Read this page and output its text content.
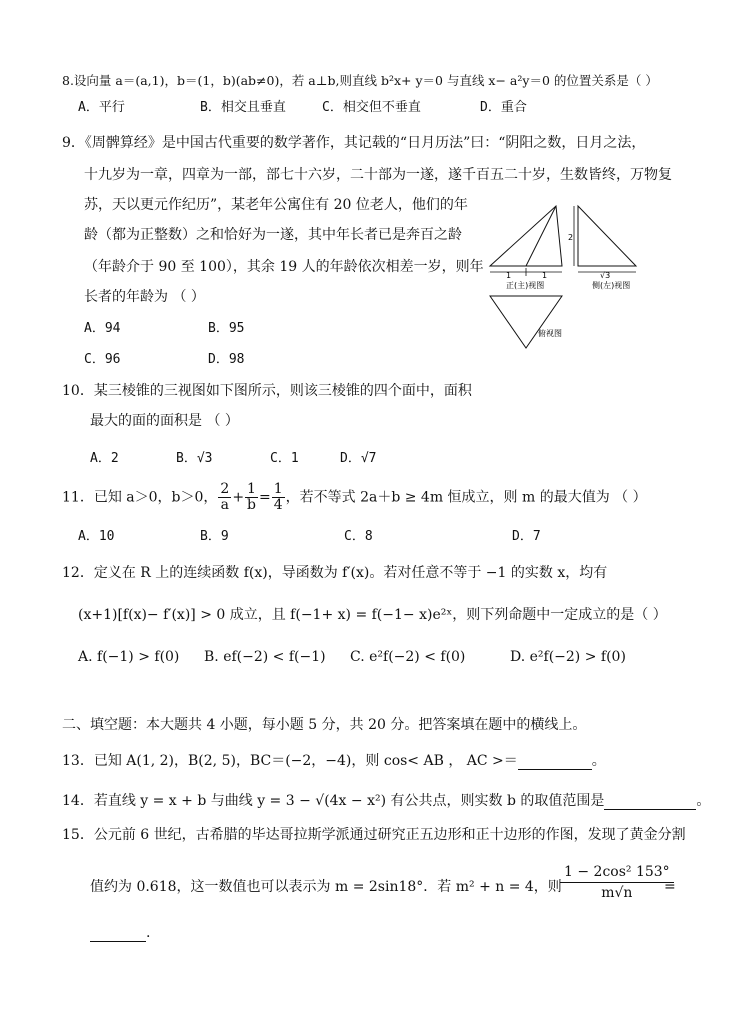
8.设向量 a＝(a,1)，b＝(1，b)(ab≠0)，若 a⊥b,则直线 b²x+ y＝0 与直线 x− a²y＝0 的位置关系是（ ）
A．平行	B．相交且垂直	C．相交但不垂直	D．重合
9．《周髀算经》是中国古代重要的数学著作，其记载的“日月历法”曰：“阴阳之数，日月之法，
十九岁为一章，四章为一部，部七十六岁，二十部为一遂，遂千百五二十岁，生数皆终，万物复
苏，天以更元作纪历”，某老年公寓住有 20 位老人，他们的年
龄（都为正整数）之和恰好为一遂，其中年长者已是奔百之龄
（年龄介于 90 至 100），其余 19 人的年龄依次相差一岁，则年
长者的年龄为 （ ）
A．94	B．95
C．96	D．98
1	1
正(主)视图
2
√3
侧(左)视图
俯视图
10．某三棱锥的三视图如下图所示，则该三棱锥的四个面中，面积
最大的面的面积是 （ ）
A．2	B．√3	C．1	D．√7
11．已知 a＞0，b＞0， $\frac{2}{a} + \frac{1}{b} = \frac{1}{4}$ ，若不等式 2a＋b ≥ 4m 恒成立，则 m 的最大值为 （ ）
A．10	B．9	C．8	D．7
12．定义在 R 上的连续函数 f(x)，导函数为 f′(x)。若对任意不等于 −1 的实数 x，均有
(x+1)[f(x)− f′(x)] > 0 成立，且 f(−1+ x) = f(−1− x)e²ˣ，则下列命题中一定成立的是（ ）
A. f(−1) > f(0) B. ef(−2) < f(−1) C. e²f(−2) < f(0)	D. e²f(−2) > f(0)
二、填空题：本大题共 4 小题，每小题 5 分，共 20 分。把答案填在题中的横线上。
13．已知 A(1, 2)，B(2, 5)，BC＝(−2，−4)，则 cos< AB ， AC >＝	。
14．若直线 y = x + b 与曲线 y = 3 − √(4x − x²) 有公共点，则实数 b 的取值范围是	。
15．公元前 6 世纪，古希腊的毕达哥拉斯学派通过研究正五边形和正十边形的作图，发现了黄金分割
值约为 0.618，这一数值也可以表示为 m = 2sin18°．若 m² + n = 4，则
1 − 2cos² 153°
m√n	=
.
